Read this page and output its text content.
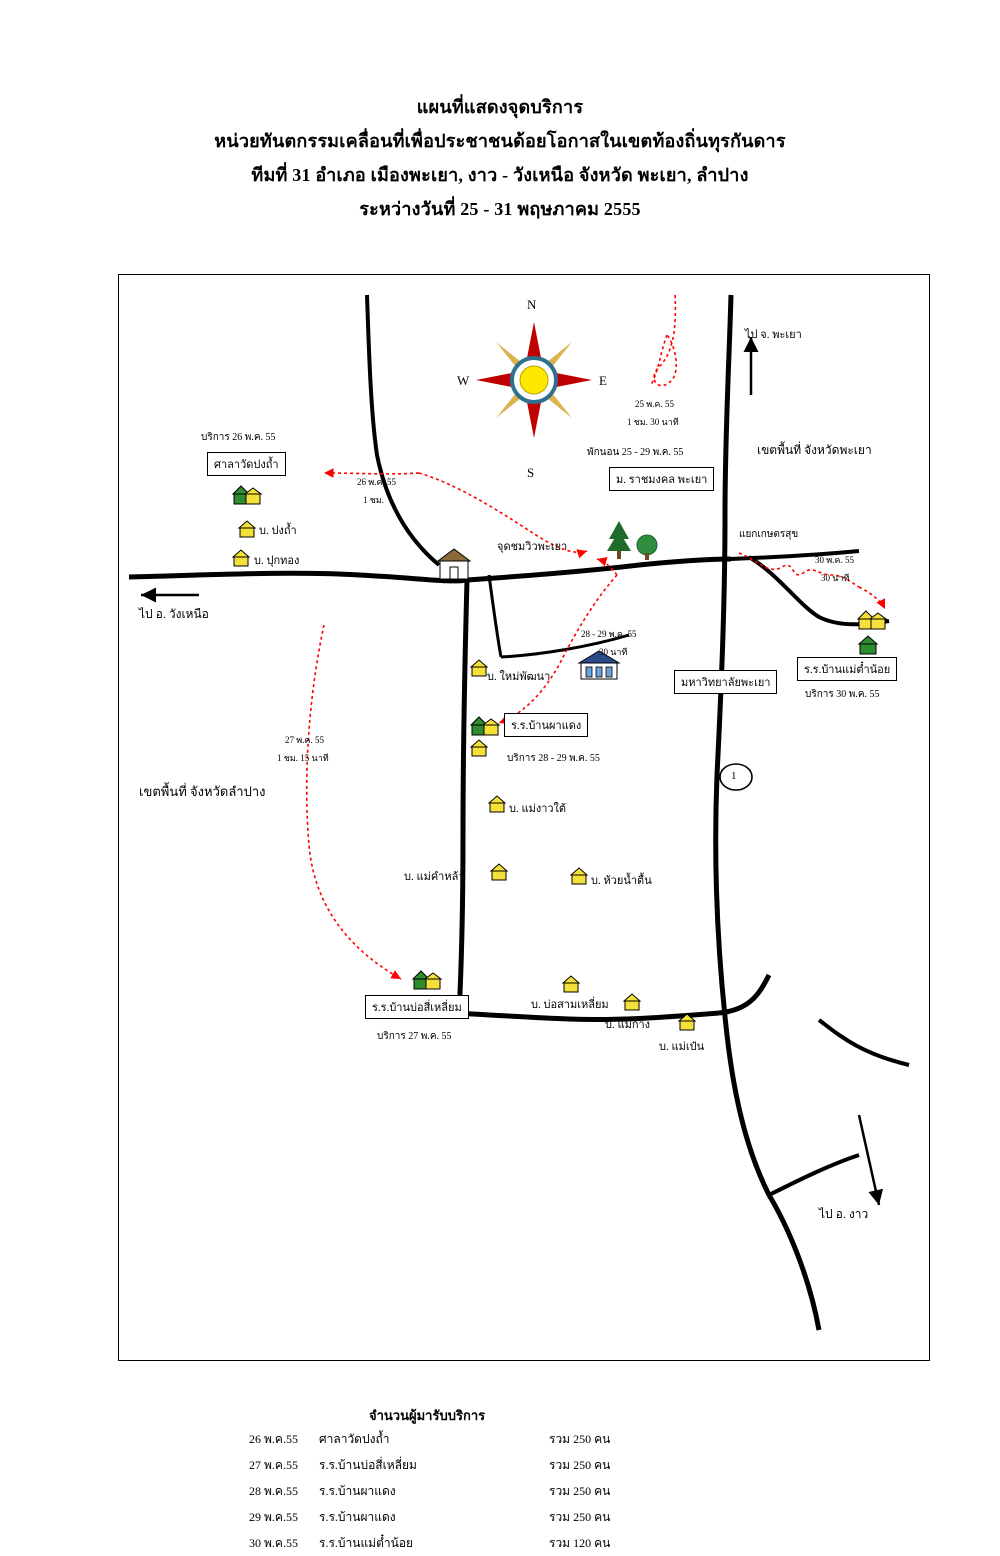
แผนที่แสดงจุดบริการ
หน่วยทันตกรรมเคลื่อนที่เพื่อประชาชนด้อยโอกาสในเขตท้องถิ่นทุรกันดาร
ทีมที่ 31 อำเภอ เมืองพะเยา, งาว - วังเหนือ จังหวัด พะเยา, ลำปาง
ระหว่างวันที่ 25 - 31 พฤษภาคม 2555
N
S
E
W
ไป จ. พะเยา
เขตพื้นที่ จังหวัดพะเยา
ไป อ. วังเหนือ
เขตพื้นที่ จังหวัดลำปาง
ไป อ. งาว
แยกเกษตรสุข
1
บริการ 26 พ.ค. 55
ศาลาวัดปงถ้ำ
บ. ปงถ้ำ
บ. ปุกทอง
26 พ.ค. 55
1 ชม.
25 พ.ค. 55
1 ชม. 30 นาที
พักนอน 25 - 29 พ.ค. 55
ม. ราชมงคล พะเยา
จุดชมวิวพะเยา
30 พ.ค. 55
30 นาที
ร.ร.บ้านแม่ต๋ำน้อย
บริการ 30 พ.ค. 55
28 - 29 พ.ค. 55
30 นาที
บ. ใหม่พัฒนา	มหาวิทยาลัยพะเยา
ร.ร.บ้านผาแดง
บริการ 28 - 29 พ.ค. 55
บ. แม่งาวใต้
27 พ.ค. 55
1 ชม. 15 นาที
บ. แม่คำหล้า	บ. ห้วยน้ำตื้น
ร.ร.บ้านบ่อสี่เหลี่ยม
บริการ 27 พ.ค. 55
บ. บ่อสามเหลี่ยม
บ. แม่ก้าง
บ. แม่เป๋น
จำนวนผู้มารับบริการ
26 พ.ค.55	ศาลาวัดปงถ้ำ	รวม 250 คน
27 พ.ค.55	ร.ร.บ้านบ่อสี่เหลี่ยม	รวม 250 คน
28 พ.ค.55	ร.ร.บ้านผาแดง	รวม 250 คน
29 พ.ค.55	ร.ร.บ้านผาแดง	รวม 250 คน
30 พ.ค.55	ร.ร.บ้านแม่ต๋ำน้อย	รวม 120 คน
